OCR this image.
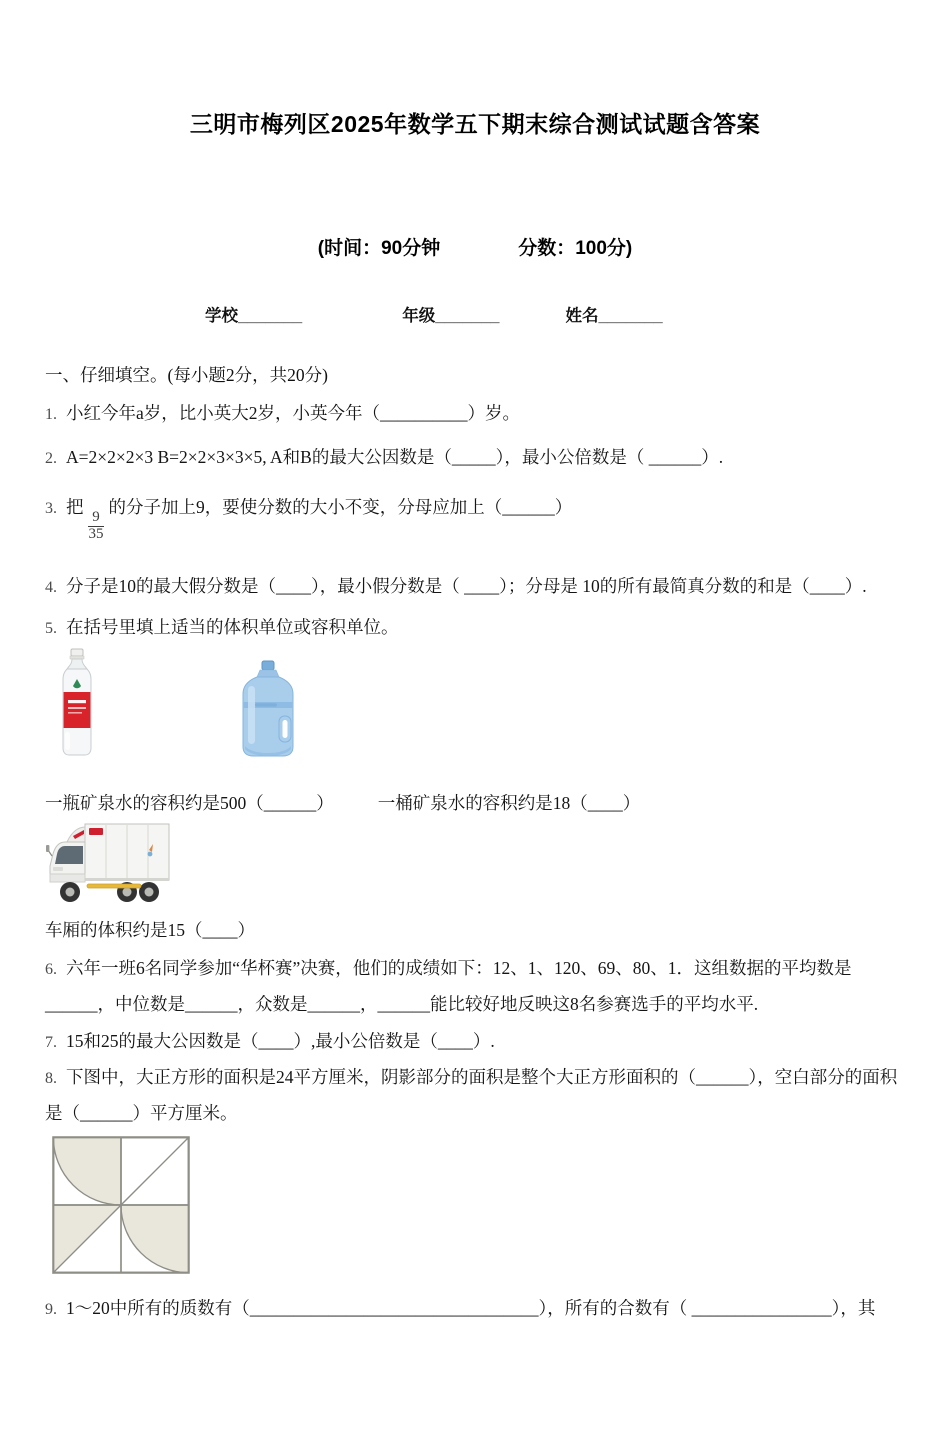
三明市梅列区2025年数学五下期末综合测试试题含答案
(时间：90分钟	分数：100分)
学校_______	年级_______	姓名_______
一、仔细填空。(每小题2分，共20分)
1. 小红今年a岁，比小英大2岁，小英今年（__________）岁。
2. A=2×2×2×3 B=2×2×3×3×5, A和B的最大公因数是（_____），最小公倍数是（ ______）.
3. 把
$\frac{9}{35}$
的分子加上9，要使分数的大小不变，分母应加上（______）
4. 分子是10的最大假分数是（____），最小假分数是（ ____）；分母是 10的所有最简真分数的和是（____）.
5. 在括号里填上适当的体积单位或容积单位。
一瓶矿泉水的容积约是500（______）	一桶矿泉水的容积约是18（____）
车厢的体积约是15（____）
6. 六年一班6名同学参加“华杯赛”决赛，他们的成绩如下：12、1、120、69、80、1．这组数据的平均数是______，中位数是______，众数是______，______能比较好地反映这8名参赛选手的平均水平.
7. 15和25的最大公因数是（____）,最小公倍数是（____）.
8. 下图中，大正方形的面积是24平方厘米，阴影部分的面积是整个大正方形面积的（______），空白部分的面积是（______）平方厘米。
9. 1～20中所有的质数有（_________________________________），所有的合数有（ ________________），其
